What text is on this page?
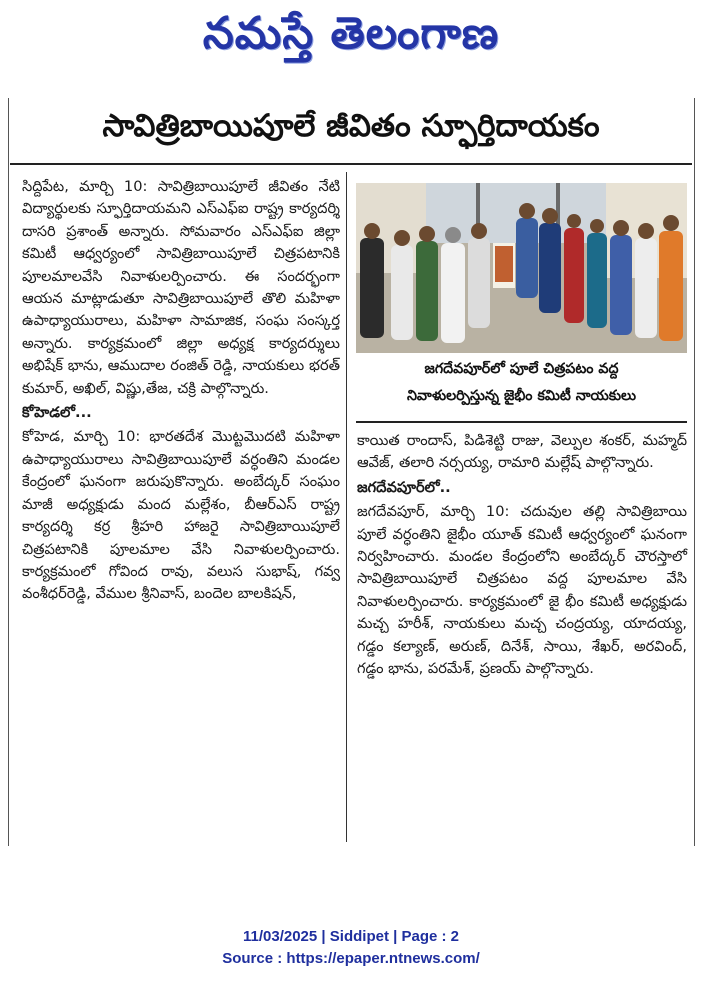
నమస్తే తెలంగాణ
సావిత్రిబాయిపూలే జీవితం స్ఫూర్తిదాయకం

సిద్దిపేట, మార్చి 10: సావిత్రిబాయిపూలే జీవితం నేటి విద్యార్థులకు స్ఫూర్తిదాయమని ఎస్ఎఫ్ఐ రాష్ట్ర కార్యదర్శి దాసరి ప్రశాంత్ అన్నారు. సోమవారం ఎస్ఎఫ్ఐ జిల్లా కమిటీ ఆధ్వర్యంలో సావిత్రిబాయిపూలే చిత్రపటానికి పూలమాలవేసి నివాళులర్పించారు. ఈ సందర్భంగా ఆయన మాట్లాడుతూ సావిత్రిబాయిపూలే తొలి మహిళా ఉపాధ్యాయురాలు, మహిళా సామాజిక, సంఘ సంస్కర్త అన్నారు. కార్యక్రమంలో జిల్లా అధ్యక్ష కార్యదర్శులు అభిషేక్ భాను, ఆముదాల రంజిత్ రెడ్డి, నాయకులు భరత్ కుమార్, అఖిల్, విష్ణు,తేజ, చక్రి పాల్గొన్నారు.

కోహెడలో...

కోహెడ, మార్చి 10: భారతదేశ మొట్టమొదటి మహిళా ఉపాధ్యాయురాలు సావిత్రిబాయిపూలే వర్ధంతిని మండల కేంద్రంలో ఘనంగా జరుపుకొన్నారు. అంబేద్కర్ సంఘం మాజీ అధ్యక్షుడు మంద మల్లేశం, బీఆర్ఎస్ రాష్ట్ర కార్యదర్శి కర్ర శ్రీహరి హాజరై సావిత్రిబాయిపూలే చిత్రపటానికి పూలమాల వేసి నివాళులర్పించారు. కార్యక్రమంలో గోవింద రావు, వలుస సుభాష్, గవ్వ వంశీధర్‌రెడ్డి, వేముల శ్రీనివాస్, బందెల బాలకిషన్,

జగదేవపూర్‌లో పూలే చిత్రపటం వద్ద
నివాళులర్పిస్తున్న జైభీం కమిటీ నాయకులు

కాయిత రాందాస్, పిడిశెట్టి రాజు, వెల్పుల శంకర్, మహ్మద్ ఆవేజ్, తలారి నర్సయ్య, రామారి మల్లేష్ పాల్గొన్నారు.

జగదేవపూర్‌లో..

జగదేవపూర్, మార్చి 10: చదువుల తల్లి సావిత్రిబాయి పూలే వర్ధంతిని జైభీం యూత్ కమిటీ ఆధ్వర్యంలో ఘనంగా నిర్వహించారు. మండల కేంద్రంలోని అంబేద్కర్ చౌరస్తాలో సావిత్రిబాయిపూలే చిత్రపటం వద్ద పూలమాల వేసి నివాళులర్పించారు. కార్యక్రమంలో జై భీం కమిటీ అధ్యక్షుడు మచ్చ హరీశ్, నాయకులు మచ్చ చంద్రయ్య, యాదయ్య, గడ్డం కల్యాణ్, అరుణ్, దినేశ్, సాయి, శేఖర్, అరవింద్, గడ్డం భాను, పరమేశ్, ప్రణయ్ పాల్గొన్నారు.

11/03/2025 | Siddipet | Page : 2
Source : https://epaper.ntnews.com/
